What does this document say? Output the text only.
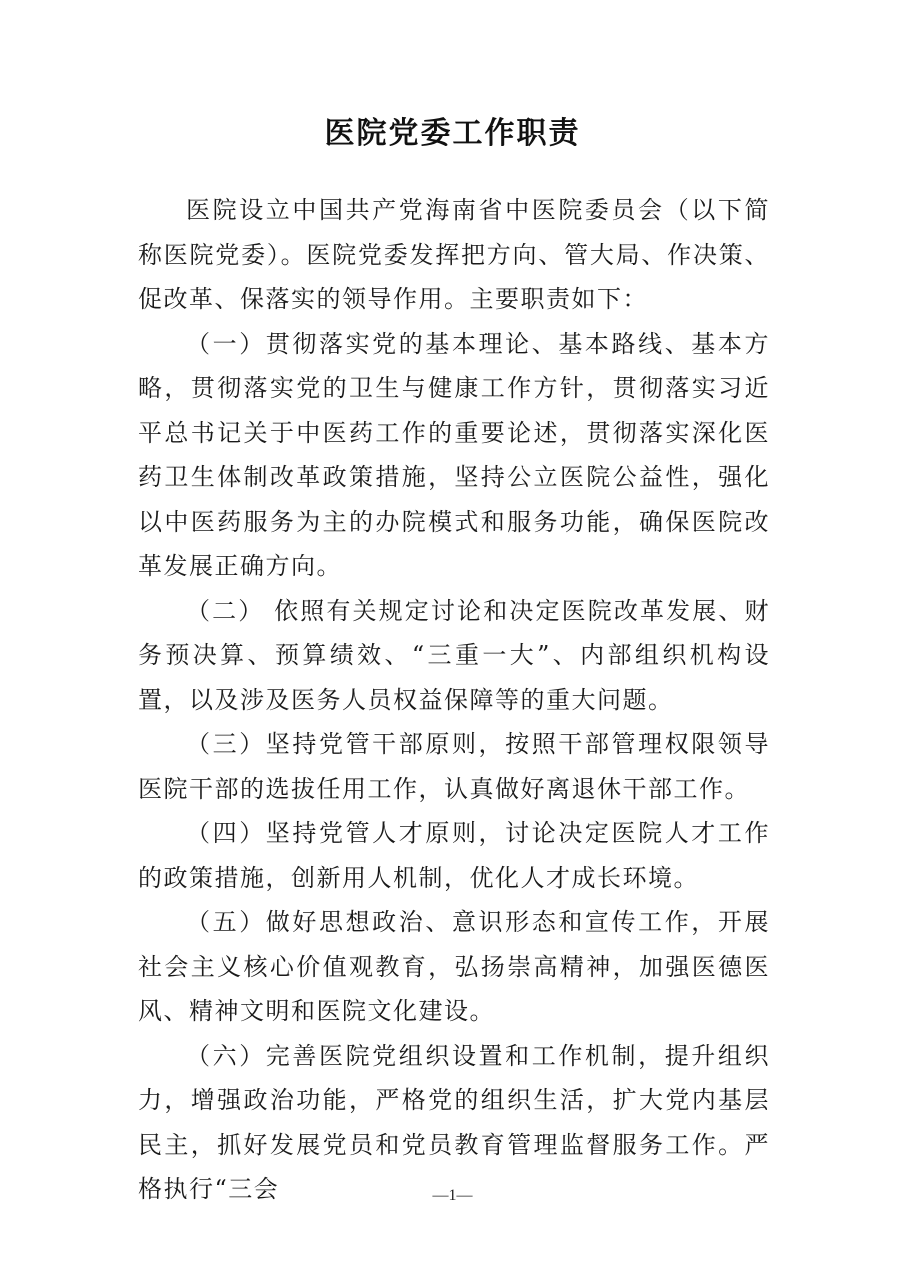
医院党委工作职责

医院设立中国共产党海南省中医院委员会（以下简称医院党委）。医院党委发挥把方向、管大局、作决策、促改革、保落实的领导作用。主要职责如下：

（一）贯彻落实党的基本理论、基本路线、基本方略，贯彻落实党的卫生与健康工作方针，贯彻落实习近平总书记关于中医药工作的重要论述，贯彻落实深化医药卫生体制改革政策措施，坚持公立医院公益性，强化以中医药服务为主的办院模式和服务功能，确保医院改革发展正确方向。

（二） 依照有关规定讨论和决定医院改革发展、财务预决算、预算绩效、“三重一大”、内部组织机构设置，以及涉及医务人员权益保障等的重大问题。

（三）坚持党管干部原则，按照干部管理权限领导医院干部的选拔任用工作，认真做好离退休干部工作。

（四）坚持党管人才原则，讨论决定医院人才工作的政策措施，创新用人机制，优化人才成长环境。

（五）做好思想政治、意识形态和宣传工作，开展社会主义核心价值观教育，弘扬崇高精神，加强医德医风、精神文明和医院文化建设。

（六）完善医院党组织设置和工作机制，提升组织力，增强政治功能，严格党的组织生活，扩大党内基层民主，抓好发展党员和党员教育管理监督服务工作。严格执行“三会	—1—
